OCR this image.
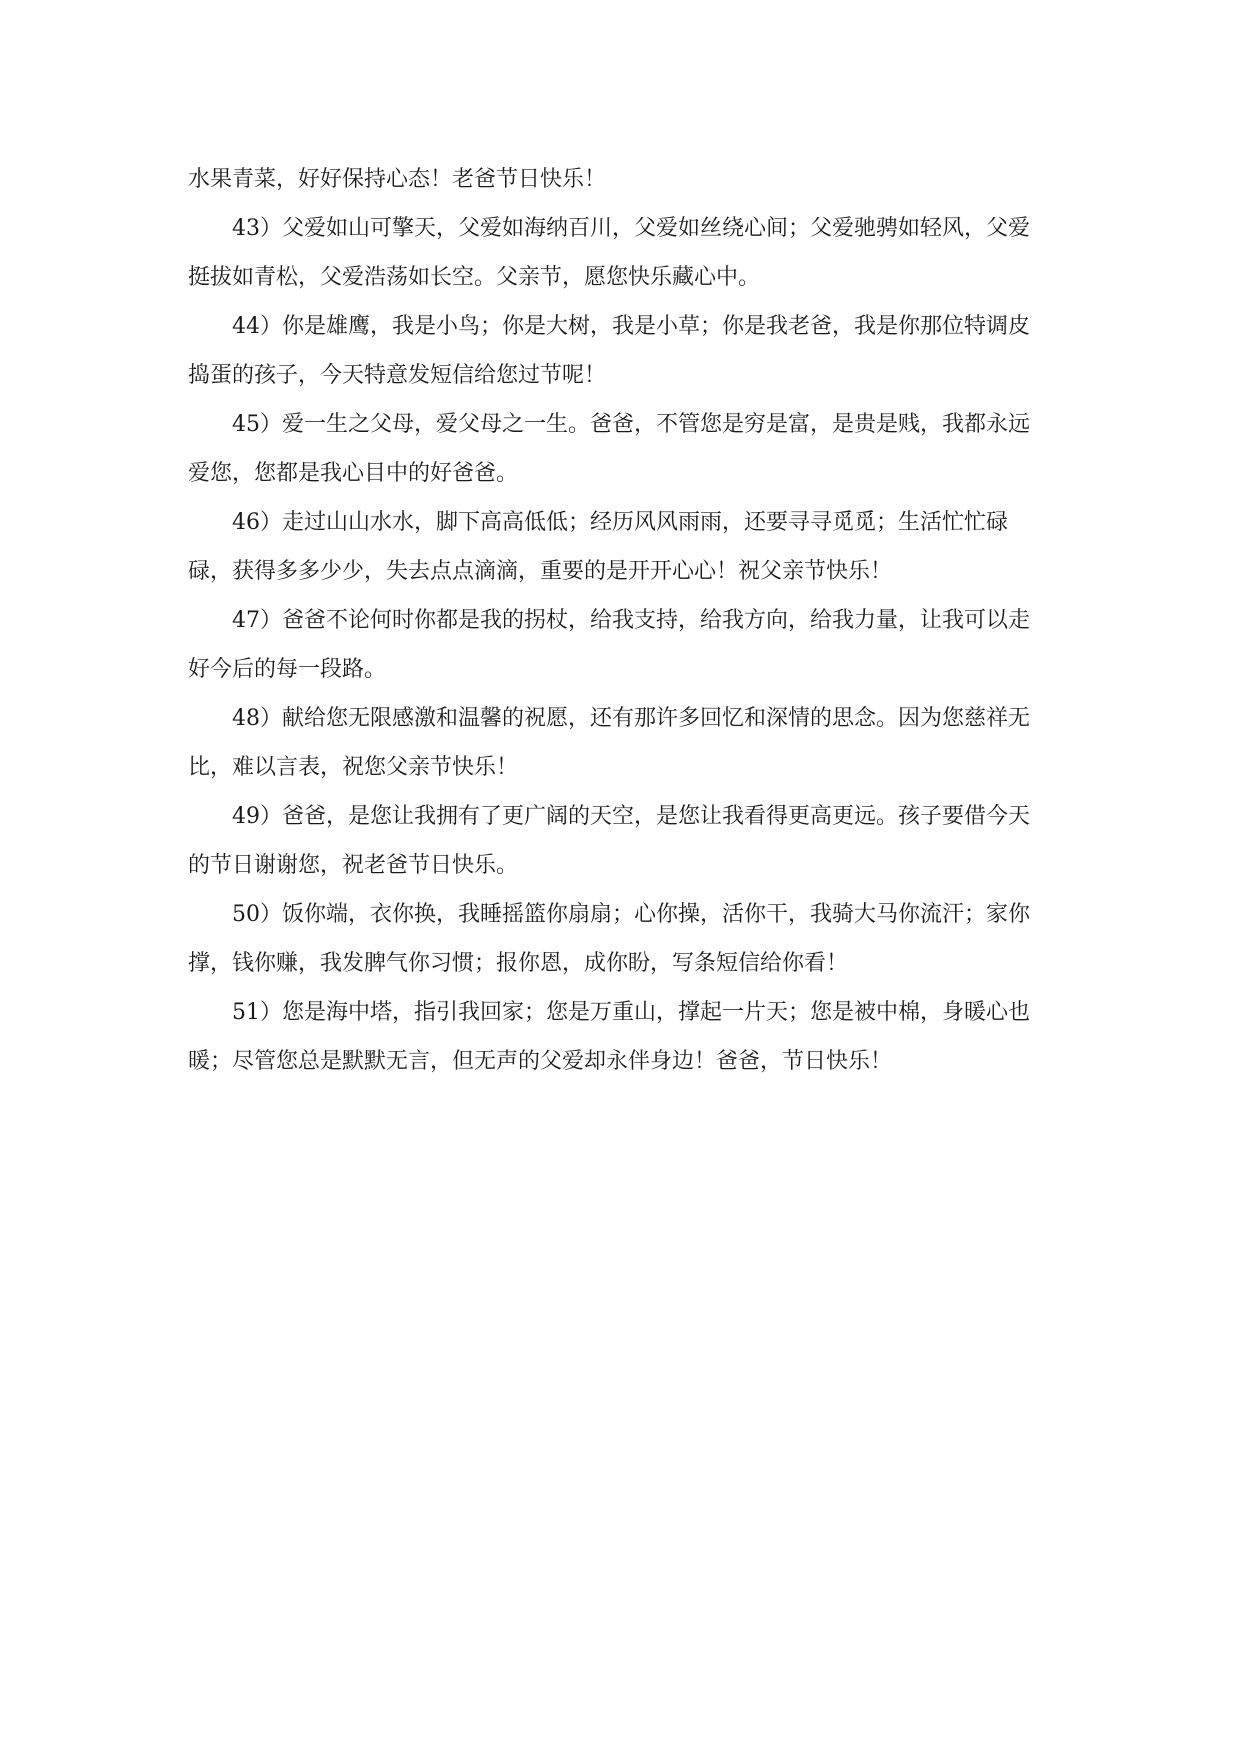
水果青菜，好好保持心态！老爸节日快乐！

43）父爱如山可擎天，父爱如海纳百川，父爱如丝绕心间；父爱驰骋如轻风，父爱挺拔如青松，父爱浩荡如长空。父亲节，愿您快乐藏心中。

44）你是雄鹰，我是小鸟；你是大树，我是小草；你是我老爸，我是你那位特调皮捣蛋的孩子，今天特意发短信给您过节呢！

45）爱一生之父母，爱父母之一生。爸爸，不管您是穷是富，是贵是贱，我都永远爱您，您都是我心目中的好爸爸。

46）走过山山水水，脚下高高低低；经历风风雨雨，还要寻寻觅觅；生活忙忙碌碌，获得多多少少，失去点点滴滴，重要的是开开心心！祝父亲节快乐！

47）爸爸不论何时你都是我的拐杖，给我支持，给我方向，给我力量，让我可以走好今后的每一段路。

48）献给您无限感激和温馨的祝愿，还有那许多回忆和深情的思念。因为您慈祥无比，难以言表，祝您父亲节快乐！

49）爸爸，是您让我拥有了更广阔的天空，是您让我看得更高更远。孩子要借今天的节日谢谢您，祝老爸节日快乐。

50）饭你端，衣你换，我睡摇篮你扇扇；心你操，活你干，我骑大马你流汗；家你撑，钱你赚，我发脾气你习惯；报你恩，成你盼，写条短信给你看！

51）您是海中塔，指引我回家；您是万重山，撑起一片天；您是被中棉，身暖心也暖；尽管您总是默默无言，但无声的父爱却永伴身边！爸爸，节日快乐！
